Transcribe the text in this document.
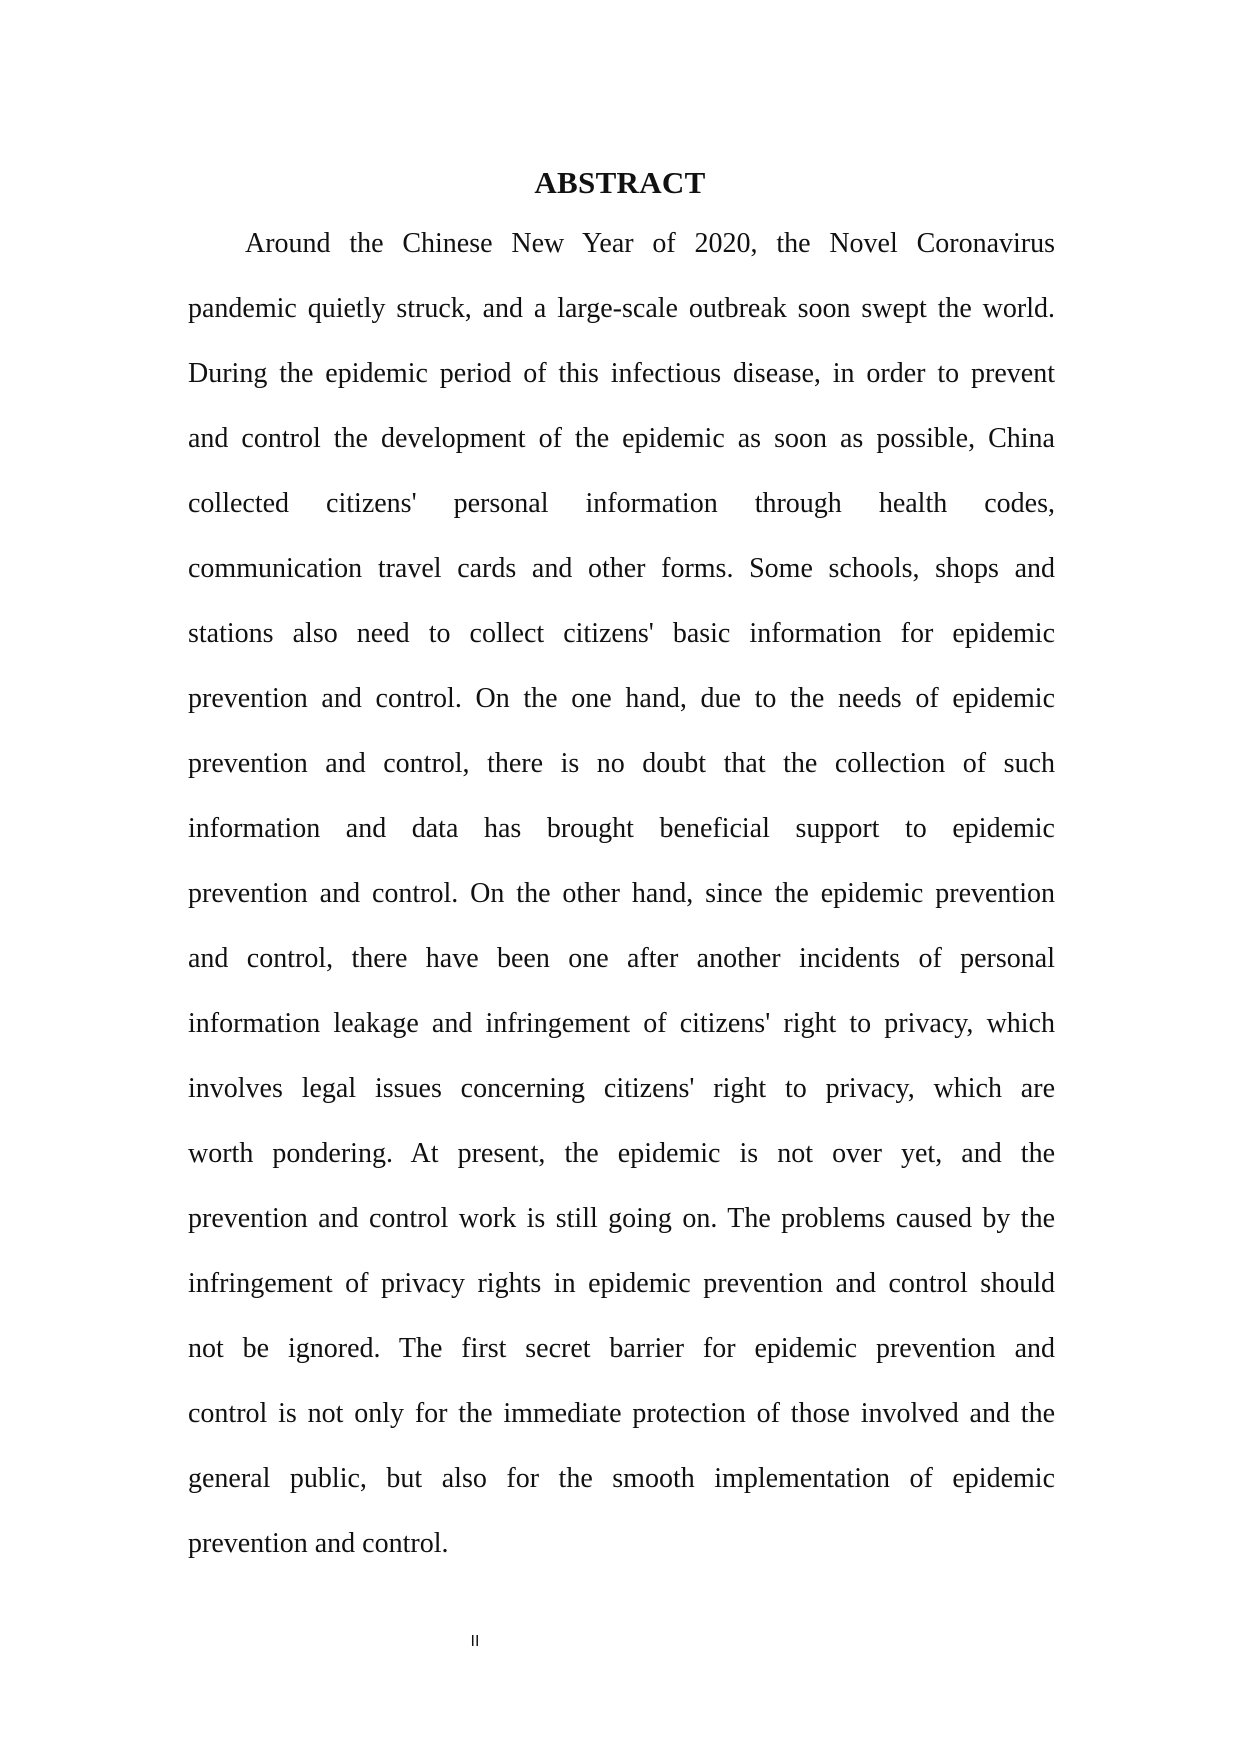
ABSTRACT
Around the Chinese New Year of 2020, the Novel Coronavirus
pandemic quietly struck, and a large-scale outbreak soon swept the world.
During the epidemic period of this infectious disease, in order to prevent
and control the development of the epidemic as soon as possible, China
collected citizens' personal information through health codes,
communication travel cards and other forms. Some schools, shops and
stations also need to collect citizens' basic information for epidemic
prevention and control. On the one hand, due to the needs of epidemic
prevention and control, there is no doubt that the collection of such
information and data has brought beneficial support to epidemic
prevention and control. On the other hand, since the epidemic prevention
and control, there have been one after another incidents of personal
information leakage and infringement of citizens' right to privacy, which
involves legal issues concerning citizens' right to privacy, which are
worth pondering. At present, the epidemic is not over yet, and the
prevention and control work is still going on. The problems caused by the
infringement of privacy rights in epidemic prevention and control should
not be ignored. The first secret barrier for epidemic prevention and
control is not only for the immediate protection of those involved and the
general public, but also for the smooth implementation of epidemic
prevention and control.
II
